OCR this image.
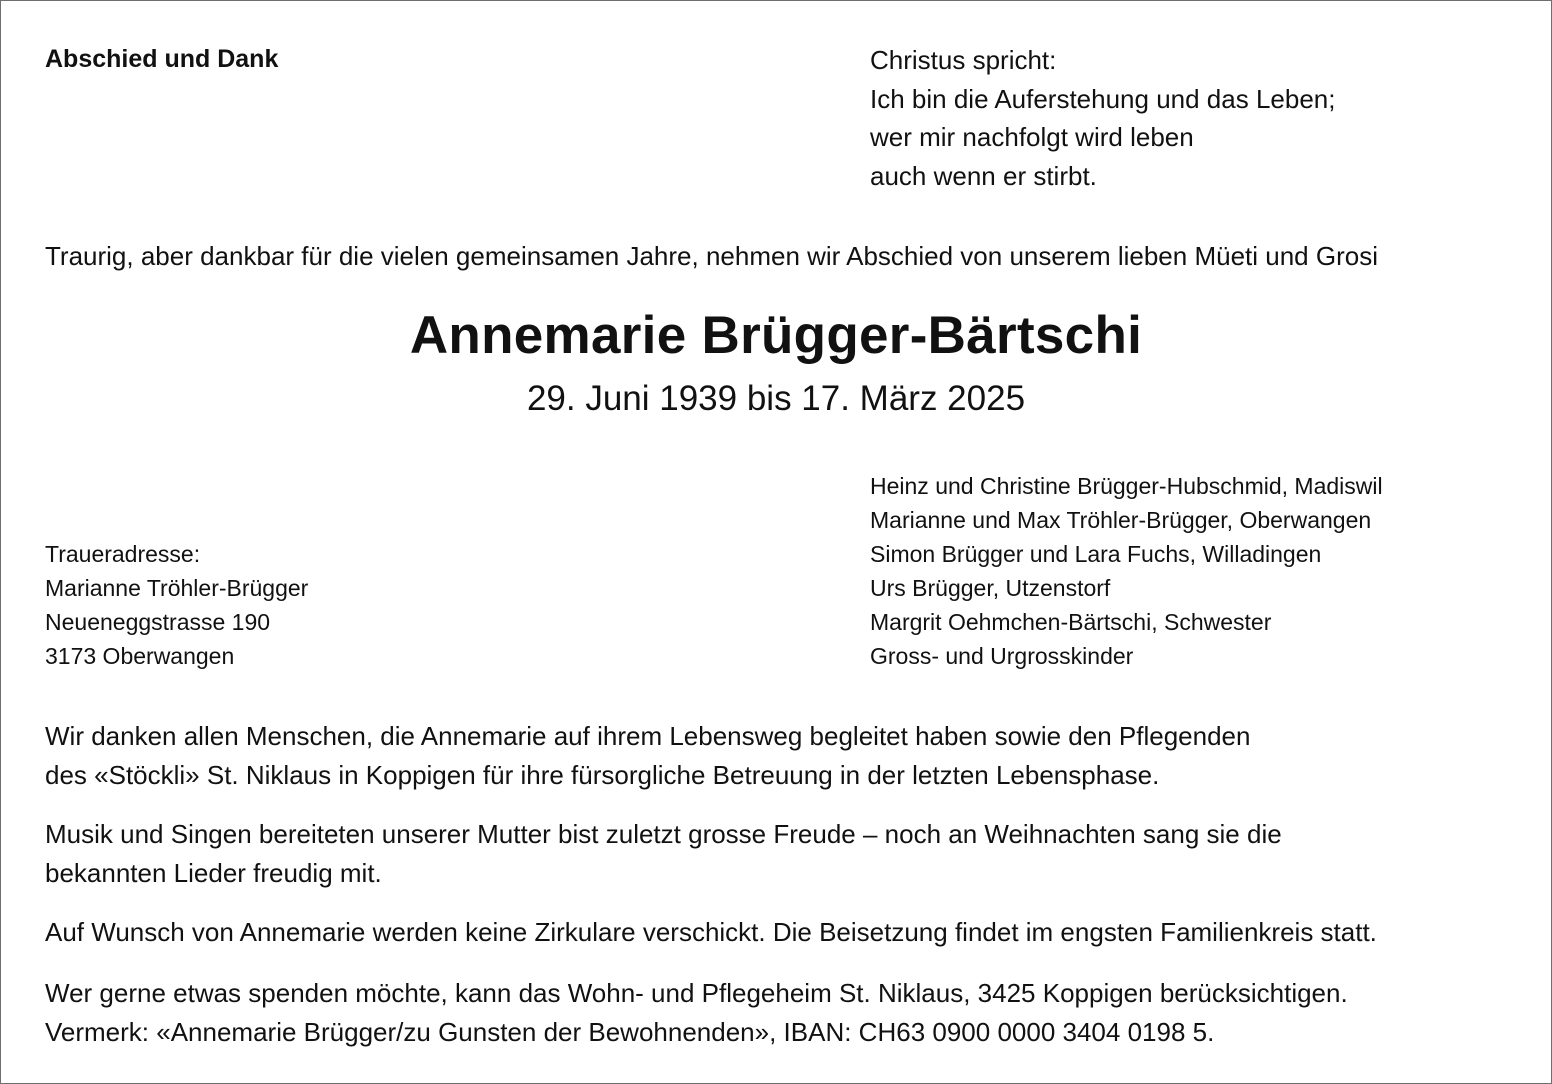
Abschied und Dank	Christus spricht:
Ich bin die Auferstehung und das Leben;
wer mir nachfolgt wird leben
auch wenn er stirbt.
Traurig, aber dankbar für die vielen gemeinsamen Jahre, nehmen wir Abschied von unserem lieben Müeti und Grosi
Annemarie Brügger-Bärtschi
29. Juni 1939 bis 17. März 2025
Traueradresse:
Marianne Tröhler-Brügger
Neueneggstrasse 190
3173 Oberwangen
Heinz und Christine Brügger-Hubschmid, Madiswil
Marianne und Max Tröhler-Brügger, Oberwangen
Simon Brügger und Lara Fuchs, Willadingen
Urs Brügger, Utzenstorf
Margrit Oehmchen-Bärtschi, Schwester
Gross- und Urgrosskinder
Wir danken allen Menschen, die Annemarie auf ihrem Lebensweg begleitet haben sowie den Pflegenden
des «Stöckli» St. Niklaus in Koppigen für ihre fürsorgliche Betreuung in der letzten Lebensphase.
Musik und Singen bereiteten unserer Mutter bist zuletzt grosse Freude – noch an Weihnachten sang sie die
bekannten Lieder freudig mit.
Auf Wunsch von Annemarie werden keine Zirkulare verschickt. Die Beisetzung findet im engsten Familienkreis statt.
Wer gerne etwas spenden möchte, kann das Wohn- und Pflegeheim St. Niklaus, 3425 Koppigen berücksichtigen.
Vermerk: «Annemarie Brügger/zu Gunsten der Bewohnenden», IBAN: CH63 0900 0000 3404 0198 5.
